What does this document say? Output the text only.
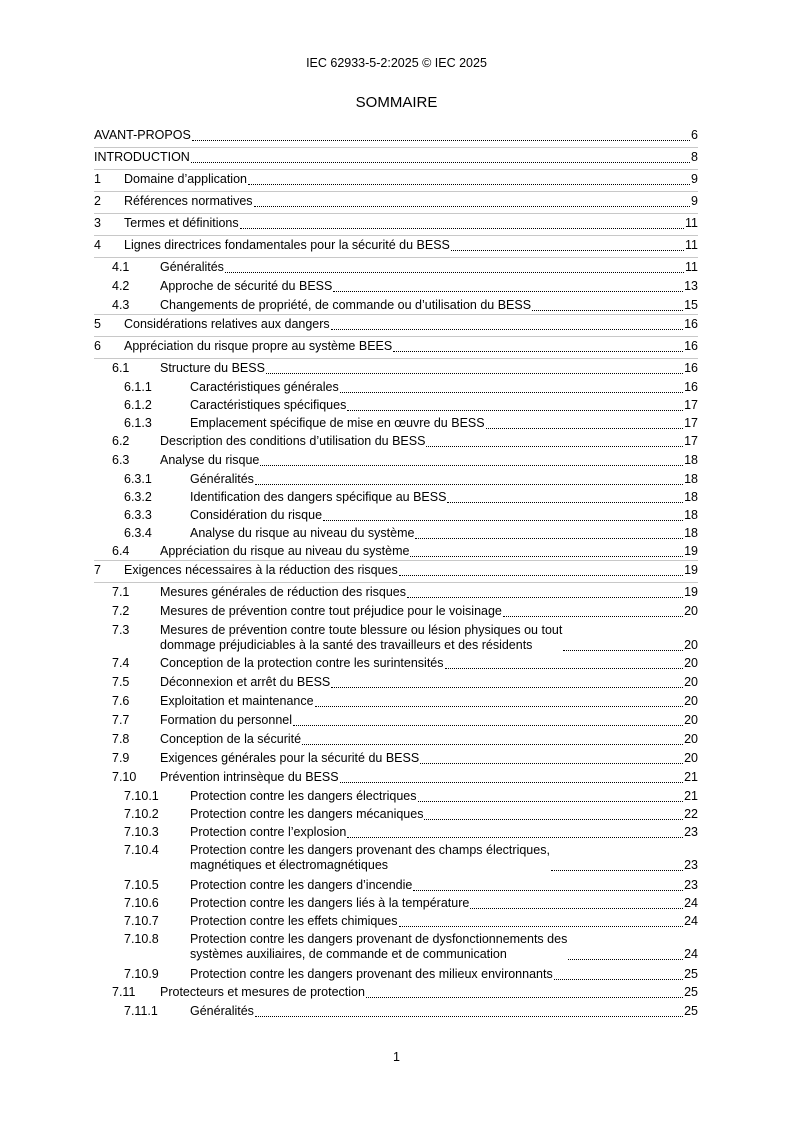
IEC 62933-5-2:2025 © IEC 2025
SOMMAIRE
AVANT-PROPOS	6
INTRODUCTION	8
1 Domaine d’application	9
2 Références normatives	9
3 Termes et définitions	11
4 Lignes directrices fondamentales pour la sécurité du BESS	11
4.1 Généralités	11
4.2 Approche de sécurité du BESS	13
4.3 Changements de propriété, de commande ou d’utilisation du BESS	15
5 Considérations relatives aux dangers	16
6 Appréciation du risque propre au système BEES	16
6.1 Structure du BESS	16
6.1.1	Caractéristiques générales	16
6.1.2	Caractéristiques spécifiques	17
6.1.3	Emplacement spécifique de mise en œuvre du BESS	17
6.2 Description des conditions d’utilisation du BESS	17
6.3 Analyse du risque	18
6.3.1	Généralités	18
6.3.2	Identification des dangers spécifique au BESS	18
6.3.3	Considération du risque	18
6.3.4	Analyse du risque au niveau du système	18
6.4 Appréciation du risque au niveau du système	19
7 Exigences nécessaires à la réduction des risques	19
7.1 Mesures générales de réduction des risques	19
7.2 Mesures de prévention contre tout préjudice pour le voisinage	20
7.3 Mesures de prévention contre toute blessure ou lésion physiques ou tout
dommage préjudiciables à la santé des travailleurs et des résidents	20
7.4 Conception de la protection contre les surintensités	20
7.5 Déconnexion et arrêt du BESS	20
7.6 Exploitation et maintenance	20
7.7 Formation du personnel	20
7.8 Conception de la sécurité	20
7.9 Exigences générales pour la sécurité du BESS	20
7.10 Prévention intrinsèque du BESS	21
7.10.1 Protection contre les dangers électriques	21
7.10.2 Protection contre les dangers mécaniques	22
7.10.3 Protection contre l’explosion	23
7.10.4 Protection contre les dangers provenant des champs électriques,
magnétiques et électromagnétiques	23
7.10.5 Protection contre les dangers d’incendie	23
7.10.6 Protection contre les dangers liés à la température	24
7.10.7 Protection contre les effets chimiques	24
7.10.8 Protection contre les dangers provenant de dysfonctionnements des
systèmes auxiliaires, de commande et de communication	24
7.10.9 Protection contre les dangers provenant des milieux environnants	25
7.11 Protecteurs et mesures de protection	25
7.11.1	Généralités	25
1
